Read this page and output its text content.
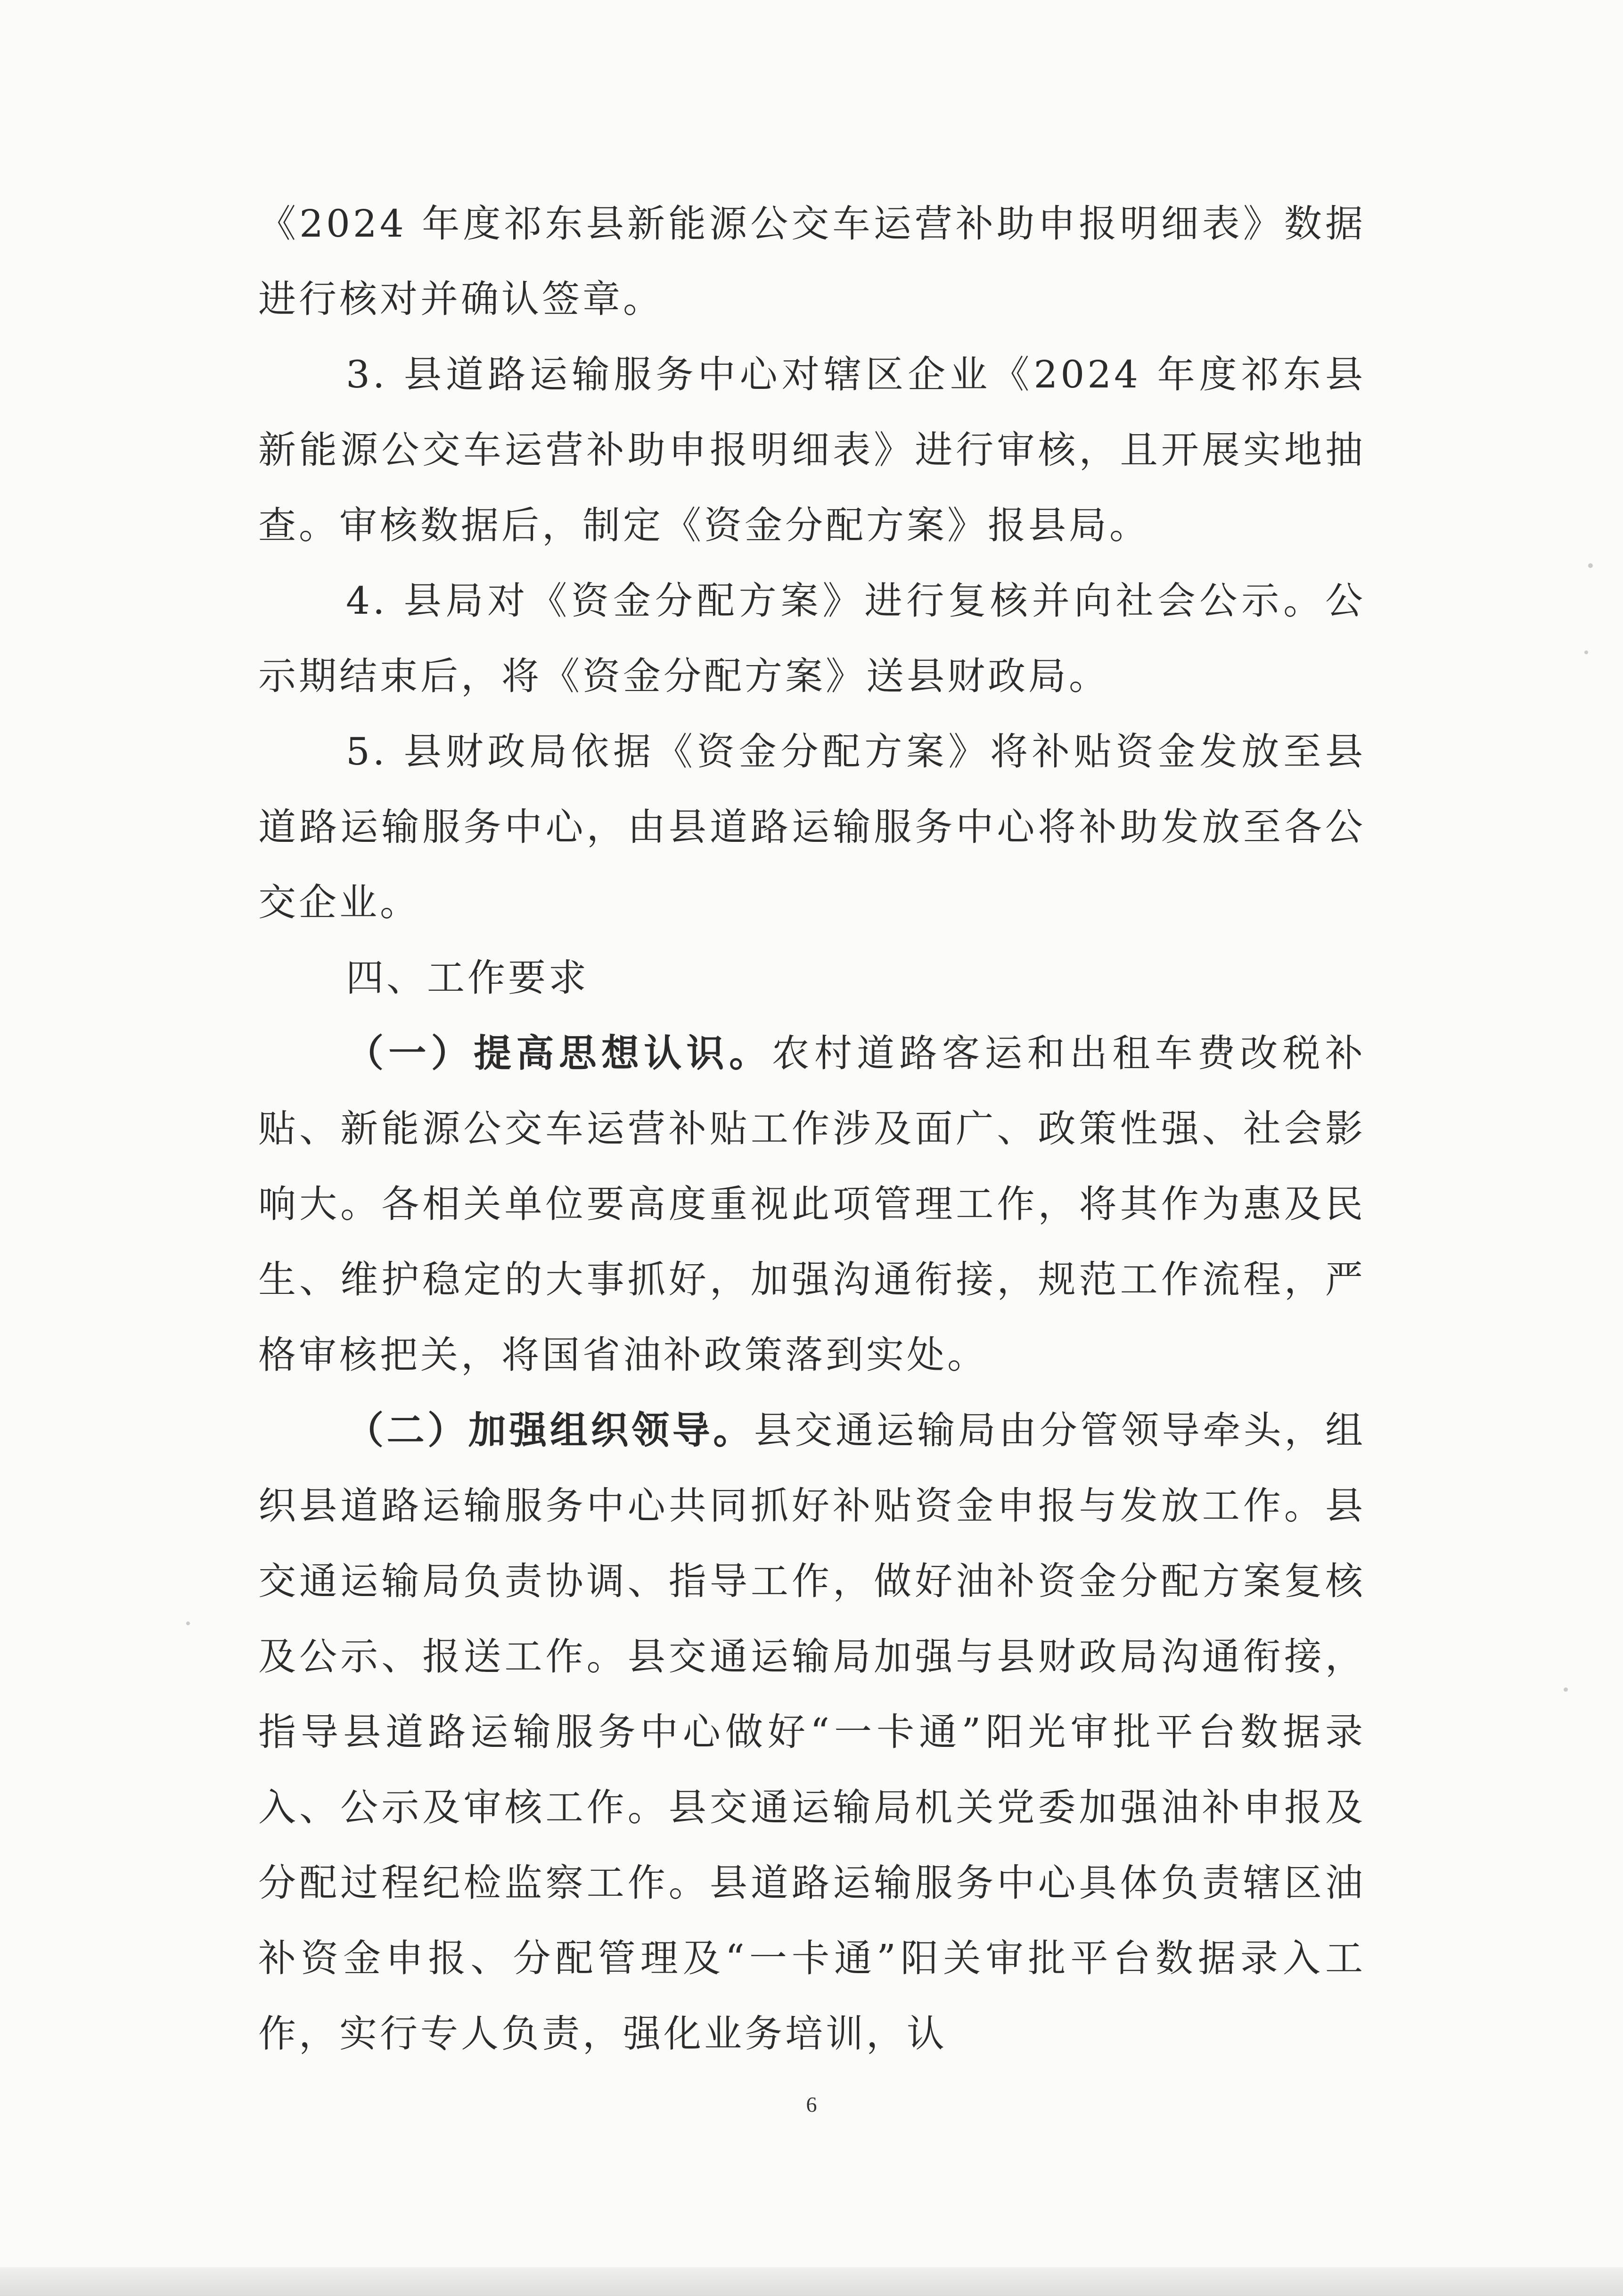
《2024 年度祁东县新能源公交车运营补助申报明细表》数据进行核对并确认签章。

3. 县道路运输服务中心对辖区企业《2024 年度祁东县新能源公交车运营补助申报明细表》进行审核，且开展实地抽查。审核数据后，制定《资金分配方案》报县局。

4. 县局对《资金分配方案》进行复核并向社会公示。公示期结束后，将《资金分配方案》送县财政局。

5. 县财政局依据《资金分配方案》将补贴资金发放至县道路运输服务中心，由县道路运输服务中心将补助发放至各公交企业。

四、工作要求

（一）提高思想认识。农村道路客运和出租车费改税补贴、新能源公交车运营补贴工作涉及面广、政策性强、社会影响大。各相关单位要高度重视此项管理工作，将其作为惠及民生、维护稳定的大事抓好，加强沟通衔接，规范工作流程，严格审核把关，将国省油补政策落到实处。

（二）加强组织领导。县交通运输局由分管领导牵头，组织县道路运输服务中心共同抓好补贴资金申报与发放工作。县交通运输局负责协调、指导工作，做好油补资金分配方案复核及公示、报送工作。县交通运输局加强与县财政局沟通衔接，指导县道路运输服务中心做好“一卡通”阳光审批平台数据录入、公示及审核工作。县交通运输局机关党委加强油补申报及分配过程纪检监察工作。县道路运输服务中心具体负责辖区油补资金申报、分配管理及“一卡通”阳关审批平台数据录入工作，实行专人负责，强化业务培训，认

6
